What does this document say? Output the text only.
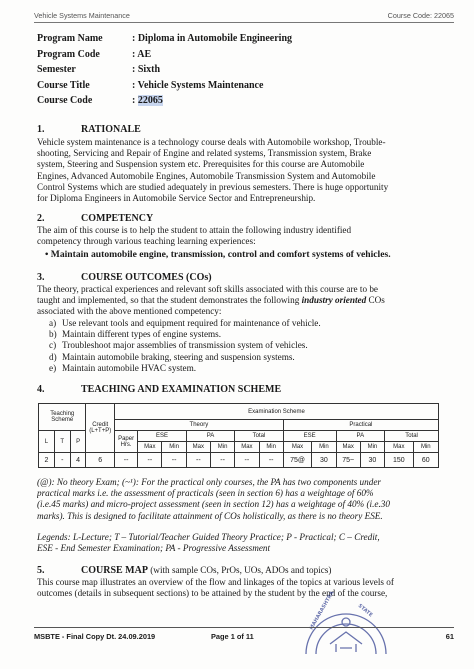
Vehicle Systems Maintenance	Course Code: 22065
Program Name	: Diploma in Automobile Engineering
Program Code	: AE
Semester	: Sixth
Course Title	: Vehicle Systems Maintenance
Course Code	: 22065
1.	RATIONALE
Vehicle system maintenance is a technology course deals with Automobile workshop, Trouble-
shooting, Servicing and Repair of Engine and related systems, Transmission system, Brake
system, Steering and Suspension system etc. Prerequisites for this course are Automobile
Engines, Advanced Automobile Engines, Automobile Transmission System and Automobile
Control Systems which are studied adequately in previous semesters. There is huge opportunity
for Diploma Engineers in Automobile Service Sector and Entrepreneurship.
2.	COMPETENCY
The aim of this course is to help the student to attain the following industry identified
competency through various teaching learning experiences:
• Maintain automobile engine, transmission, control and comfort systems of vehicles.
3.	COURSE OUTCOMES (COs)
The theory, practical experiences and relevant soft skills associated with this course are to be
taught and implemented, so that the student demonstrates the following industry oriented COs
associated with the above mentioned competency:
a) Use relevant tools and equipment required for maintenance of vehicle.
b) Maintain different types of engine systems.
c) Troubleshoot major assemblies of transmission system of vehicles.
d) Maintain automobile braking, steering and suspension systems.
e) Maintain automobile HVAC system.
4.	TEACHING AND EXAMINATION SCHEME
Teaching Scheme			Credit (L+T+P)	Examination Scheme												
				Theory							Practical					
L	T	P		Paper Hrs.	ESE		PA		Total		ESE		PA		Total	
					Max	Min	Max	Min	Max	Min	Max	Min	Max	Min	Max	Min
2	-	4	6	--	--	--	--	--	--	--	75@	30	75~	30	150	60
(@): No theory Exam; (~¹): For the practical only courses, the PA has two components under
practical marks i.e. the assessment of practicals (seen in section 6) has a weightage of 60%
(i.e.45 marks) and micro-project assessment (seen in section 12) has a weightage of 40% (i.e.30
marks). This is designed to facilitate attainment of COs holistically, as there is no theory ESE.
Legends: L-Lecture; T – Tutorial/Teacher Guided Theory Practice; P - Practical; C – Credit,
ESE - End Semester Examination; PA - Progressive Assessment
5.	COURSE MAP (with sample COs, PrOs, UOs, ADOs and topics)
This course map illustrates an overview of the flow and linkages of the topics at various levels of
outcomes (details in subsequent sections) to be attained by the student by the end of the course,
MAHARASHTRA	STATE
MSBTE - Final Copy Dt. 24.09.2019	Page 1 of 11	61
